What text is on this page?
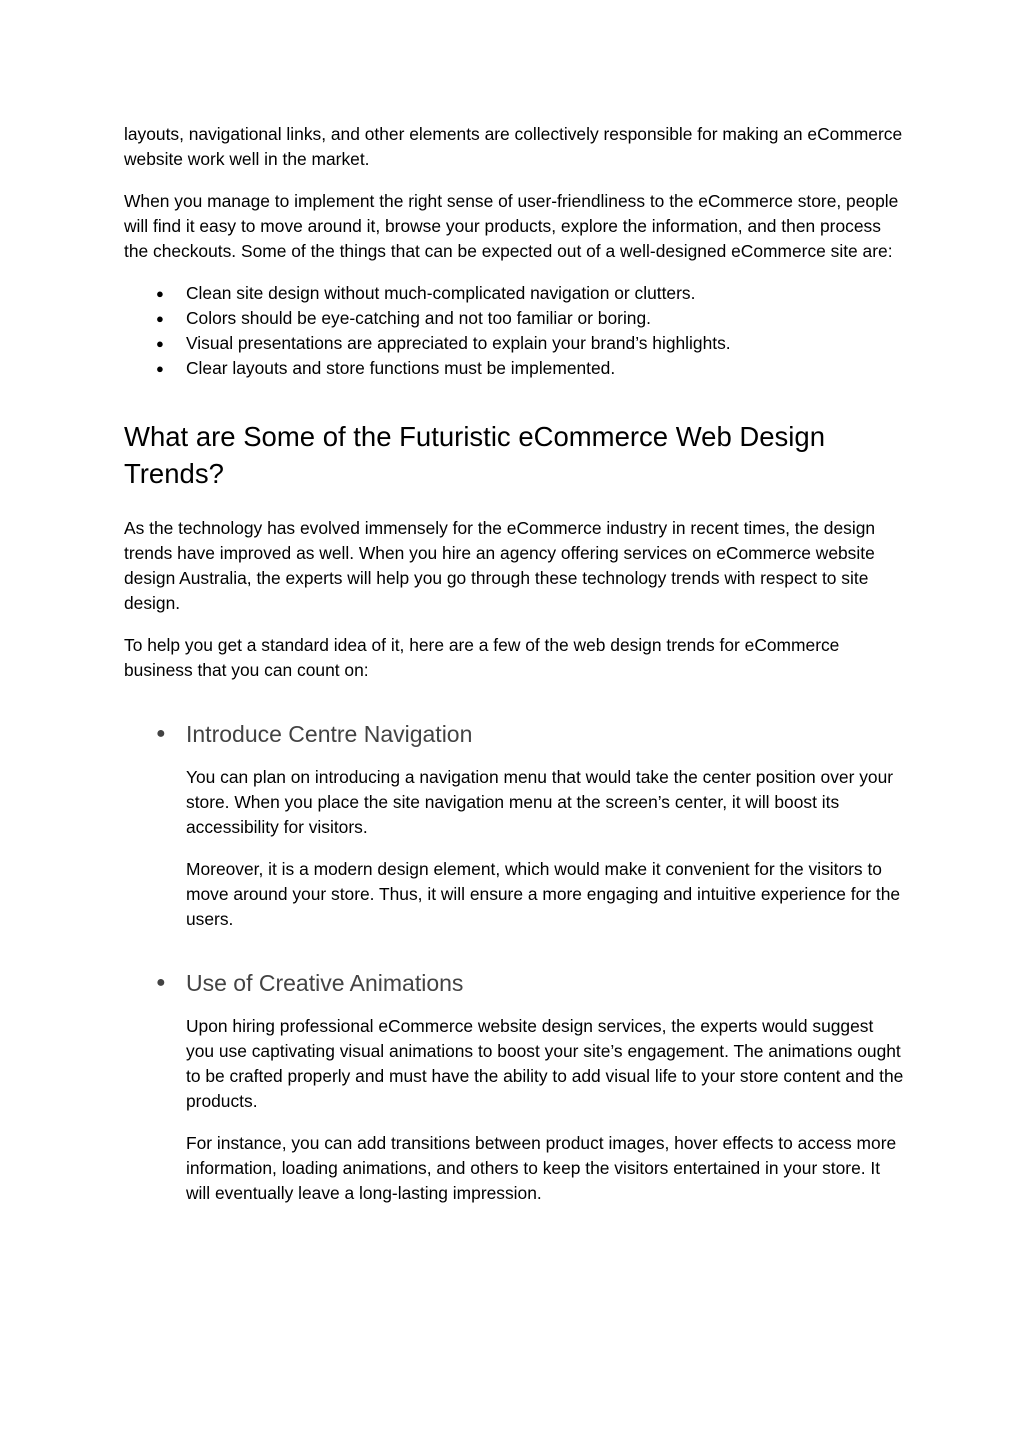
layouts, navigational links, and other elements are collectively responsible for making an eCommerce website work well in the market.

When you manage to implement the right sense of user-friendliness to the eCommerce store, people will find it easy to move around it, browse your products, explore the information, and then process the checkouts. Some of the things that can be expected out of a well-designed eCommerce site are:

● Clean site design without much-complicated navigation or clutters.
● Colors should be eye-catching and not too familiar or boring.
● Visual presentations are appreciated to explain your brand’s highlights.
● Clear layouts and store functions must be implemented.
What are Some of the Futuristic eCommerce Web Design Trends?

As the technology has evolved immensely for the eCommerce industry in recent times, the design trends have improved as well. When you hire an agency offering services on eCommerce website design Australia, the experts will help you go through these technology trends with respect to site design.

To help you get a standard idea of it, here are a few of the web design trends for eCommerce business that you can count on:

● Introduce Centre Navigation

You can plan on introducing a navigation menu that would take the center position over your store. When you place the site navigation menu at the screen’s center, it will boost its accessibility for visitors.

Moreover, it is a modern design element, which would make it convenient for the visitors to move around your store. Thus, it will ensure a more engaging and intuitive experience for the users.

● Use of Creative Animations

Upon hiring professional eCommerce website design services, the experts would suggest you use captivating visual animations to boost your site’s engagement. The animations ought to be crafted properly and must have the ability to add visual life to your store content and the products.

For instance, you can add transitions between product images, hover effects to access more information, loading animations, and others to keep the visitors entertained in your store. It will eventually leave a long-lasting impression.
